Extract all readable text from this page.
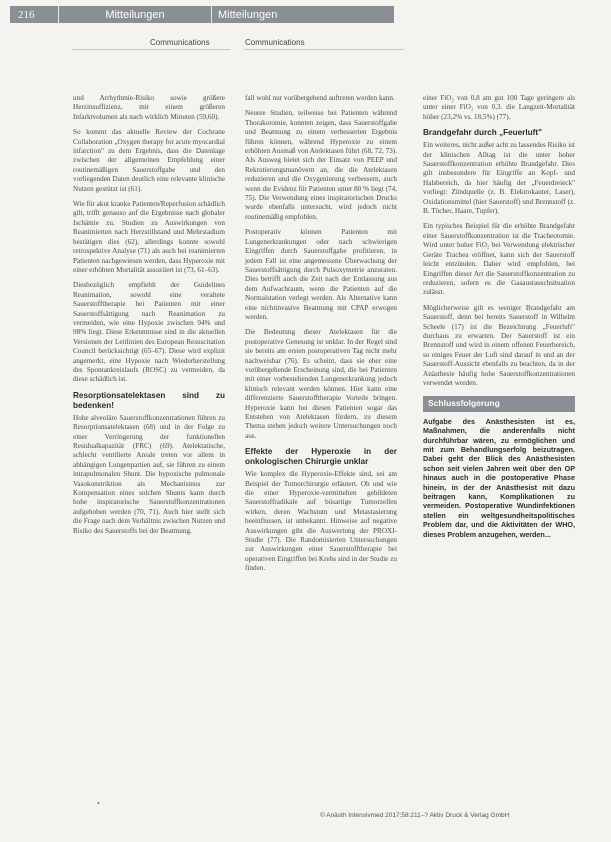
216	Mitteilungen	Mitteilungen
Communications	Communications

und Arrhythmie-Risiko sowie größere Herzinsuffizienz, mit einem größeren Infarktvolumen als nach wirklich Minuten (59,60).

So kommt das aktuelle Review der Cochrane Collaboration „Oxygen therapy for acute myocardial infarction" zu dem Ergebnis, dass die Datenlage zwischen der allgemeinen Empfehlung einer routinemäßigen Sauerstoffgabe und den vorliegenden Daten deutlich eine relevante klinische Nutzen gestützt ist (61).

Wie für akut kranke Patienten/Reperfusion schädlich gilt, trifft genauso auf die Ergebnisse nach globaler Ischämie zu. Studien zu Auswirkungen von Reanimierten nach Herzstillstand und Mehrstadium bestätigen dies (62), allerdings konnte sowohl retrospektive Analyse (71) als auch bei reanimierten Patienten nachgewiesen werden, dass Hyperoxie mit einer erhöhten Mortalität assoziiert ist (73, 61–63).

Diesbezüglich empfiehlt der Guidelines Reanimation, sowohl eine veraltete Sauerstofftherapie bei Patienten mit einer Sauerstoffsättigung nach Reanimation zu vermeiden, wie eine Hypoxie zwischen 94% und 98% liegt. Diese Erkenntnisse sind in die aktuellen Versionen der Leitlinien des European Resuscitation Council berücksichtigt (65–67). Diese wird explizit angemerkt, eine Hypoxie nach Wiederherstellung des Spontankreislaufs (ROSC) zu vermeiden, da diese schädlich ist.

Resorptionsatelektasen sind zu bedenken!

Hohe alveoläre Sauerstoffkonzentrationen führen zu Resorptionsatelektasen (68) und in der Folge zu einer Verringerung der funktionellen Residualkapazität (FRC) (69). Atelektatische, schlecht ventilierte Areale treten vor allem in abhängigen Lungenpartien auf, sie führen zu einem intrapulmonalen Shunt. Die hypoxische pulmonale Vasokonstriktion als Mechanismus zur Kompensation eines solchen Shunts kann durch hohe inspiratorische Sauerstoffkonzentrationen aufgehoben werden (70, 71). Auch hier stellt sich die Frage nach dem Verhältnis zwischen Nutzen und Risiko des Sauerstoffs bei der Beatmung.

fall wohl nur vorübergehend auftreten werden kann.

Neuere Studien, teilweise bei Patienten während Thorakotomie, konnten zeigen, dass Sauerstoffgabe und Beatmung zu einem verbesserten Ergebnis führen können, während Hyperoxie zu einem erhöhten Ausmaß von Atelektasen führt (68, 72, 73). Als Ausweg bietet sich der Einsatz von PEEP und Rekrutierungsmanövern an, die die Atelektasen reduzieren und die Oxygenierung verbessern, auch wenn die Evidenz für Patienten unter 80 % liegt (74, 75). Die Verwendung eines inspiratorischen Drucks wurde ebenfalls untersucht, wird jedoch nicht routinemäßig empfohlen.

Postoperativ können Patienten mit Lungenerkrankungen oder nach schwierigen Eingriffen durch Sauerstoffgabe profitieren, in jedem Fall ist eine angemessene Überwachung der Sauerstoffsättigung durch Pulsoxymetrie anzuraten. Dies betrifft auch die Zeit nach der Entlassung aus dem Aufwachraum, wenn die Patienten auf die Normalstation verlegt werden. Als Alternative kann eine nichtinvasive Beatmung mit CPAP erwogen werden.

Die Bedeutung dieser Atelektasen für die postoperative Genesung ist unklar. In der Regel sind sie bereits am ersten postoperativen Tag nicht mehr nachweisbar (76). Es scheint, dass sie eher eine vorübergehende Erscheinung sind, die bei Patienten mit einer vorbestehenden Lungenerkrankung jedoch klinisch relevant werden können. Hier kann eine differenzierte Sauerstofftherapie Vorteile bringen. Hyperoxie kann bei diesen Patienten sogar das Entstehen von Atelektasen fördern, zu diesem Thema stehen jedoch weitere Untersuchungen noch aus.

Effekte der Hyperoxie in der onkologischen Chirurgie unklar

Wie komplex die Hyperoxie-Effekte sind, sei am Beispiel der Tumorchirurgie erläutert. Ob und wie die einer Hyperoxie-vermittelten gebildeten Sauerstoffradikale auf bösartige Tumorzellen wirken, deren Wachstum und Metastasierung beeinflussen, ist unbekannt. Hinweise auf negative Auswirkungen gibt die Auswertung der PROXI-Studie (77). Die Randomisierten Untersuchungen zur Auswirkungen einer Sauerstofftherapie bei operativen Eingriffen bei Krebs sind in der Studie zu finden.

einer FiO₂ von 0,8 am gut 100 Tage geringere als unter einer FiO₂ von 0,3. die Langzeit-Mortalität höher (23,2% vs. 18,5%) (77).

Brandgefahr durch „Feuerluft"

Ein weiteres, nicht außer acht zu lassendes Risiko ist der klinischen Alltag ist die unter hoher Sauerstoffkonzentration erhöhte Brandgefahr. Dies gilt insbesondere für Eingriffe an Kopf- und Halsbereich, da hier häufig der „Feuerdreieck" vorliegt: Zündquelle (z. B. Elektrokauter, Laser), Oxidationsmittel (hier Sauerstoff) und Brennstoff (z. B. Tücher, Haare, Tupfer).

Ein typisches Beispiel für die erhöhte Brandgefahr einer Sauerstoffkonzentration ist die Tracheotomie. Wird unter hoher FiO₂ bei Verwendung elektrischer Geräte Trachea eröffnet, kann sich der Sauerstoff leicht entzünden. Daher wird empfohlen, bei Eingriffen dieser Art die Sauerstoffkonzentration zu reduzieren, sofern es die Gasaustauschsituation zulässt.

Möglicherweise gilt es weniger Brandgefahr am Sauerstoff, denn bei bereits Sauerstoff in Wilhelm Scheele (17) ist die Bezeichnung „Feuerluft" durchaus zu erwarten. Der Sauerstoff ist ein Brennstoff und wird in einem offenen Feuerbereich, so einiges Feuer der Luft sind darauf in und an der Sauerstoff-Aussicht ebenfalls zu beachten, da in der Anästhesie häufig hohe Sauerstoffkonzentrationen verwendet werden.

Schlussfolgerung
Aufgabe des Anästhesisten ist es, Maßnahmen, die anderenfalls nicht durchführbar wären, zu ermöglichen und mit zum Behandlungserfolg beizutragen. Dabei geht der Blick des Anästhesisten schon seit vielen Jahren weit über den OP hinaus auch in die postoperative Phase hinein, in der der Anästhesist mit dazu beitragen kann, Komplikationen zu vermeiden. Postoperative Wundinfektionen stellen ein weltgesundheitspolitisches Problem dar, und die Aktivitäten der WHO, dieses Problem anzugehen, werden...
•
© Anästh Intensivmed 2017;58:211–? Aktiv Druck & Verlag GmbH
